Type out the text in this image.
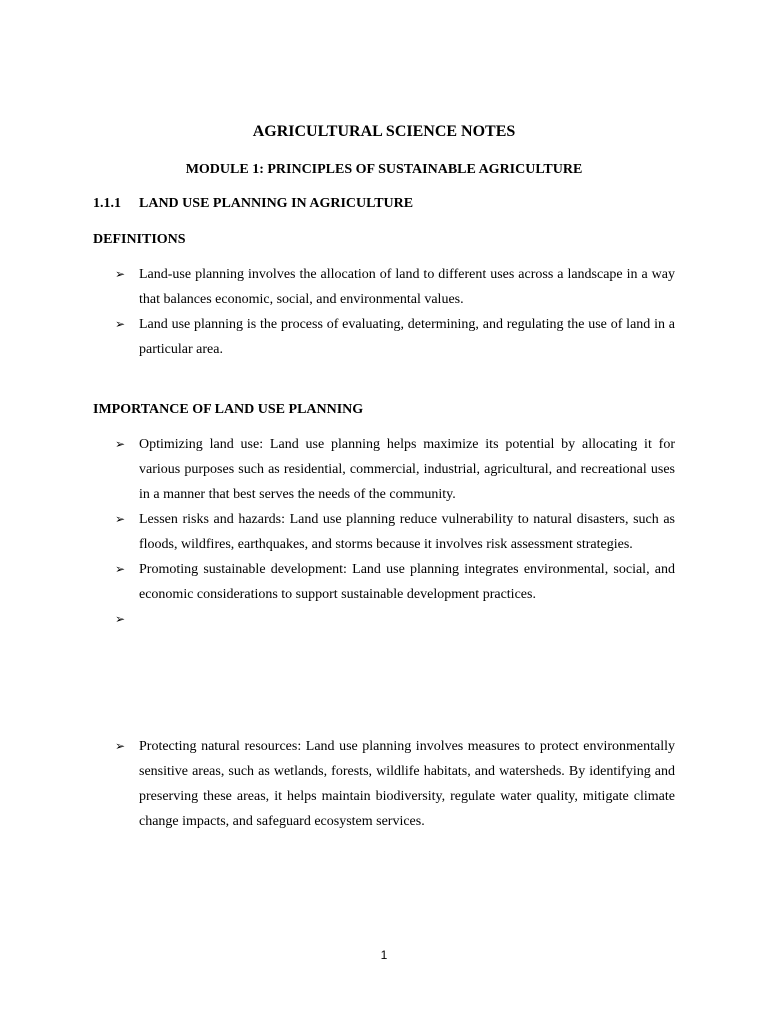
AGRICULTURAL SCIENCE NOTES
MODULE 1: PRINCIPLES OF SUSTAINABLE AGRICULTURE
1.1.1 LAND USE PLANNING IN AGRICULTURE
DEFINITIONS
➢ Land-use planning involves the allocation of land to different uses across a landscape in a way that balances economic, social, and environmental values.
➢ Land use planning is the process of evaluating, determining, and regulating the use of land in a particular area.
IMPORTANCE OF LAND USE PLANNING
➢ Optimizing land use: Land use planning helps maximize its potential by allocating it for various purposes such as residential, commercial, industrial, agricultural, and recreational uses in a manner that best serves the needs of the community.
➢ Lessen risks and hazards: Land use planning reduce vulnerability to natural disasters, such as floods, wildfires, earthquakes, and storms because it involves risk assessment strategies.
➢ Promoting sustainable development: Land use planning integrates environmental, social, and economic considerations to support sustainable development practices.
➢
➢ Protecting natural resources: Land use planning involves measures to protect environmentally sensitive areas, such as wetlands, forests, wildlife habitats, and watersheds. By identifying and preserving these areas, it helps maintain biodiversity, regulate water quality, mitigate climate change impacts, and safeguard ecosystem services.
1
